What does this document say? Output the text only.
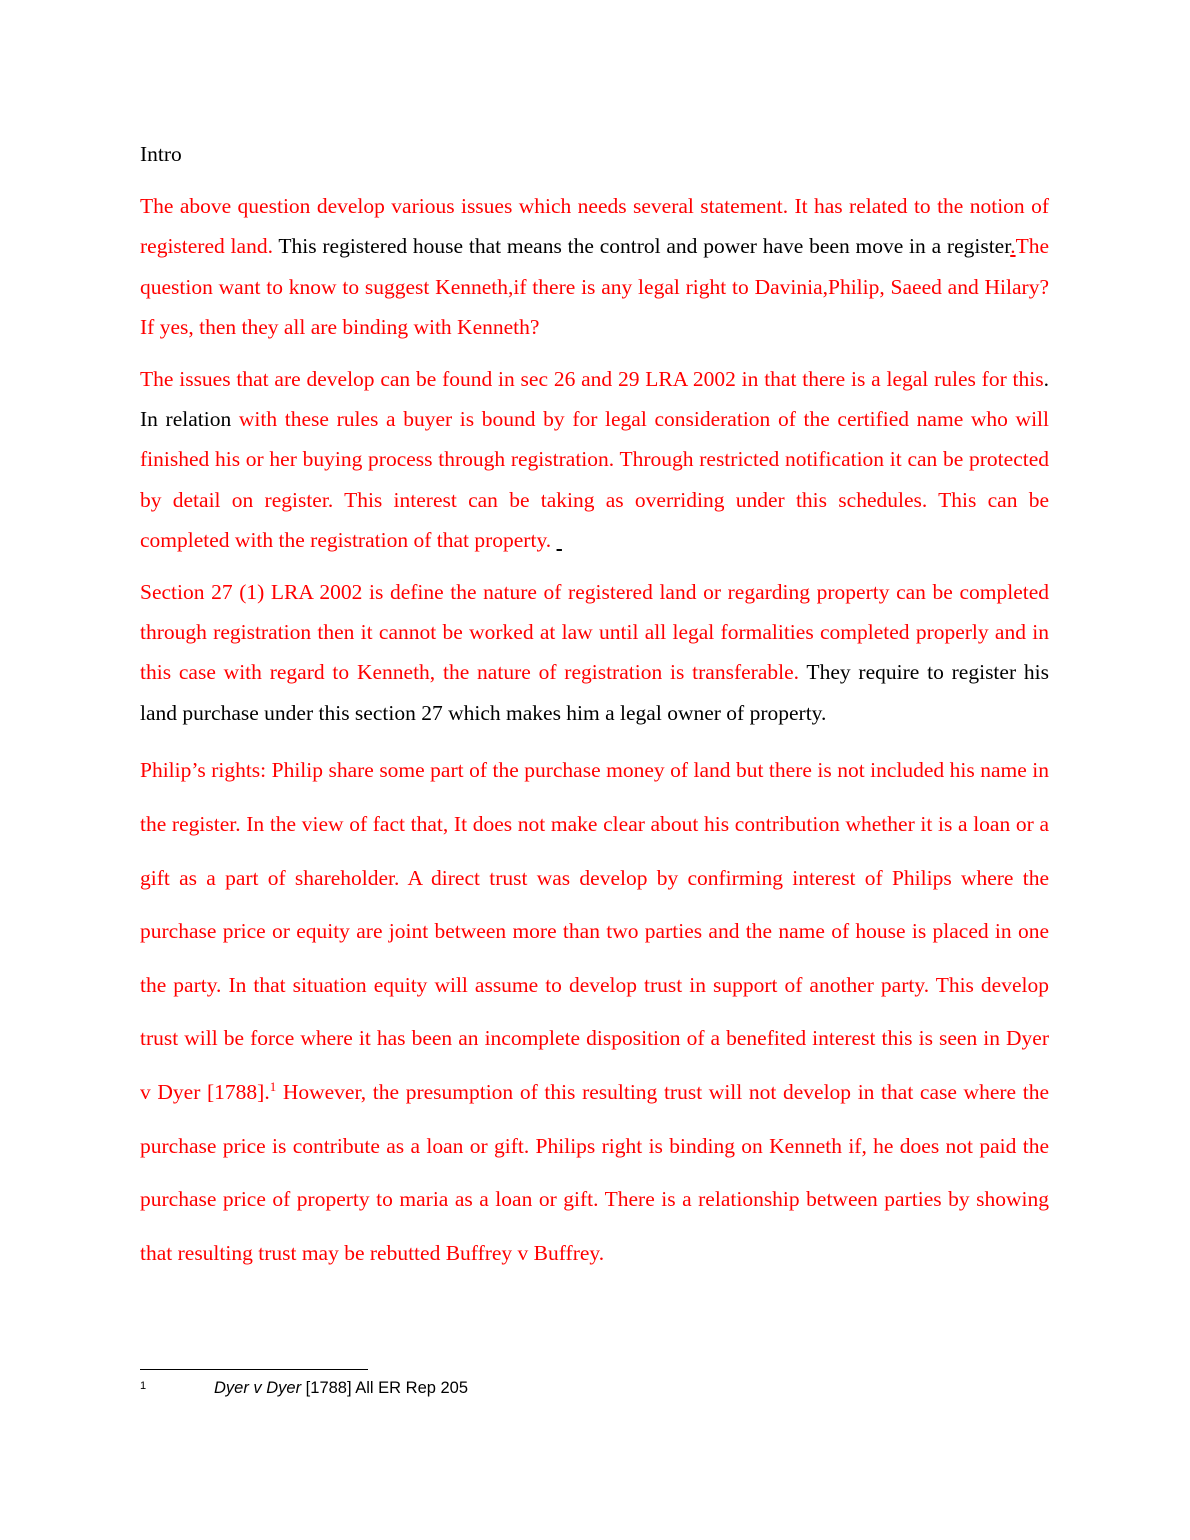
Intro

The above question develop various issues which needs several statement. It has related to the notion of registered land. This registered house that means the control and power have been move in a register.The question want to know to suggest Kenneth,if there is any legal right to Davinia,Philip, Saeed and Hilary? If yes, then they all are binding with Kenneth?

The issues that are develop can be found in sec 26 and 29 LRA 2002 in that there is a legal rules for this. In relation with these rules a buyer is bound by for legal consideration of the certified name who will finished his or her buying process through registration. Through restricted notification it can be protected by detail on register. This interest can be taking as overriding under this schedules. This can be completed with the registration of that property.

Section 27 (1) LRA 2002 is define the nature of registered land or regarding property can be completed through registration then it cannot be worked at law until all legal formalities completed properly and in this case with regard to Kenneth, the nature of registration is transferable. They require to register his land purchase under this section 27 which makes him a legal owner of property.

Philip’s rights: Philip share some part of the purchase money of land but there is not included his name in the register. In the view of fact that, It does not make clear about his contribution whether it is a loan or a gift as a part of shareholder. A direct trust was develop by confirming interest of Philips where the purchase price or equity are joint between more than two parties and the name of house is placed in one the party. In that situation equity will assume to develop trust in support of another party. This develop trust will be force where it has been an incomplete disposition of a benefited interest this is seen in Dyer v Dyer [1788].$^1$ However, the presumption of this resulting trust will not develop in that case where the purchase price is contribute as a loan or gift. Philips right is binding on Kenneth if, he does not paid the purchase price of property to maria as a loan or gift. There is a relationship between parties by showing that resulting trust may be rebutted Buffrey v Buffrey.

1	Dyer v Dyer [1788] All ER Rep 205
